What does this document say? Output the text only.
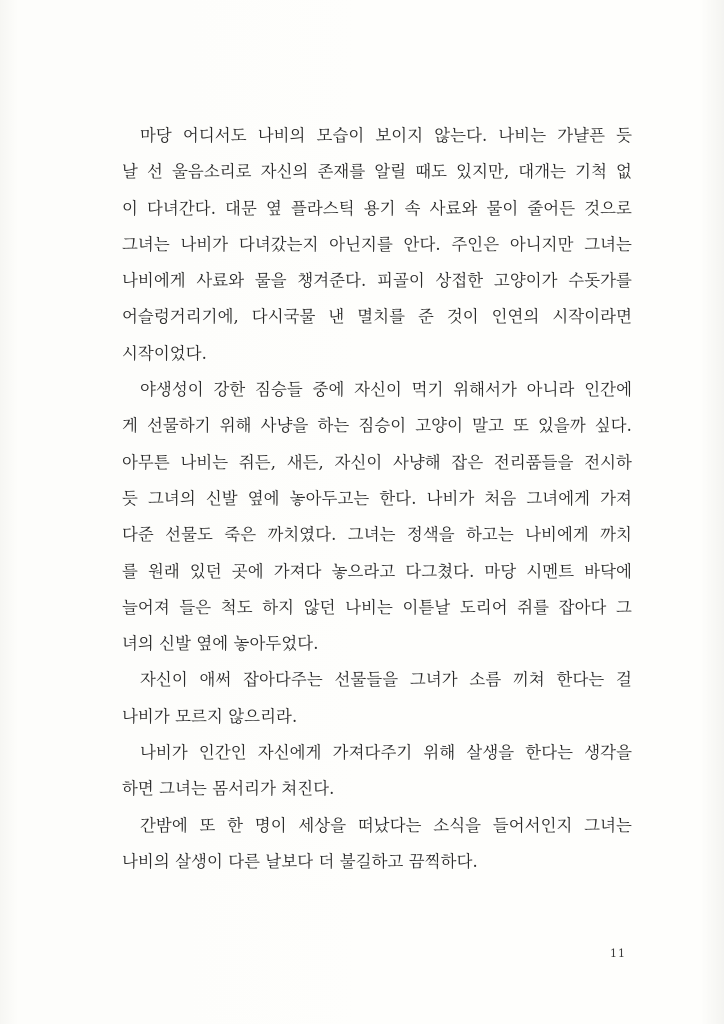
마당 어디서도 나비의 모습이 보이지 않는다. 나비는 가냘픈 듯
날 선 울음소리로 자신의 존재를 알릴 때도 있지만, 대개는 기척 없
이 다녀간다. 대문 옆 플라스틱 용기 속 사료와 물이 줄어든 것으로
그녀는 나비가 다녀갔는지 아닌지를 안다. 주인은 아니지만 그녀는
나비에게 사료와 물을 챙겨준다. 피골이 상접한 고양이가 수돗가를
어슬렁거리기에, 다시국물 낸 멸치를 준 것이 인연의 시작이라면
시작이었다.
야생성이 강한 짐승들 중에 자신이 먹기 위해서가 아니라 인간에
게 선물하기 위해 사냥을 하는 짐승이 고양이 말고 또 있을까 싶다.
아무튼 나비는 쥐든, 새든, 자신이 사냥해 잡은 전리품들을 전시하
듯 그녀의 신발 옆에 놓아두고는 한다. 나비가 처음 그녀에게 가져
다준 선물도 죽은 까치였다. 그녀는 정색을 하고는 나비에게 까치
를 원래 있던 곳에 가져다 놓으라고 다그쳤다. 마당 시멘트 바닥에
늘어져 들은 척도 하지 않던 나비는 이튿날 도리어 쥐를 잡아다 그
녀의 신발 옆에 놓아두었다.
자신이 애써 잡아다주는 선물들을 그녀가 소름 끼쳐 한다는 걸
나비가 모르지 않으리라.
나비가 인간인 자신에게 가져다주기 위해 살생을 한다는 생각을
하면 그녀는 몸서리가 쳐진다.
간밤에 또 한 명이 세상을 떠났다는 소식을 들어서인지 그녀는
나비의 살생이 다른 날보다 더 불길하고 끔찍하다.
11
